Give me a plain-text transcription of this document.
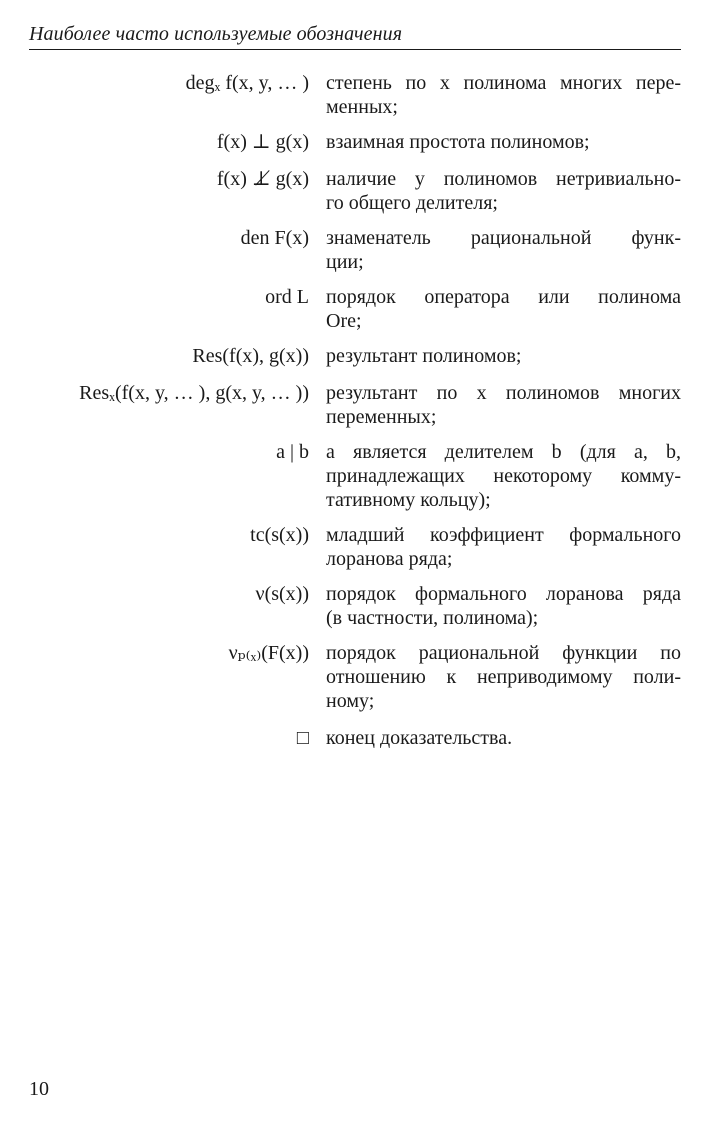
Наиболее часто используемые обозначения
degₓ f(x, y, … ) степень по x полинома многих пере-
менных;
f(x) ⊥ g(x) взаимная простота полиномов;
f(x) ⊥̸ g(x) наличие у полиномов нетривиально-
го общего делителя;
den F(x) знаменатель рациональной функ-
ции;
ord L порядок оператора или полинома
Ore;
Res(f(x), g(x)) результант полиномов;
Resₓ(f(x, y, … ), g(x, y, … )) результант по x полиномов многих
переменных;
a | b a является делителем b (для a, b,
принадлежащих некоторому комму-
тативному кольцу);
tc(s(x)) младший коэффициент формального
лоранова ряда;
ν(s(x)) порядок формального лоранова ряда
(в частности, полинома);
νₚ₍ₓ₎(F(x)) порядок рациональной функции по
отношению к неприводимому поли-
ному;
□ конец доказательства.
10
